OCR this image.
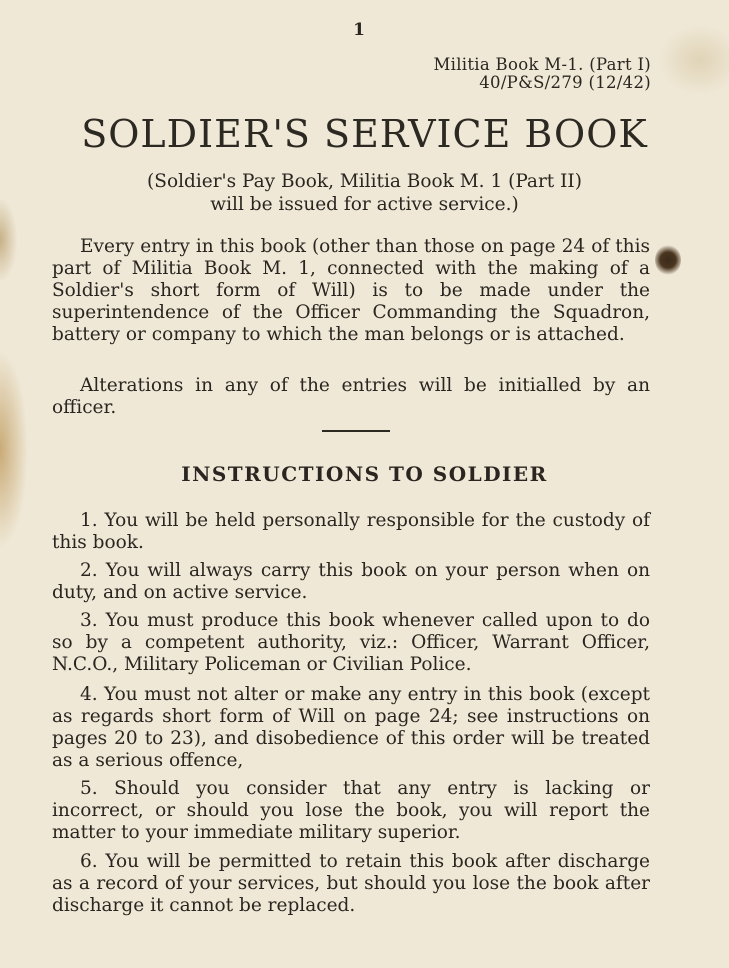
1
Militia Book M-1. (Part I)
40/P&S/279 (12/42)
SOLDIER'S SERVICE BOOK
(Soldier's Pay Book, Militia Book M. 1 (Part II)
will be issued for active service.)

Every entry in this book (other than those on page 24 of this part of Militia Book M. 1, connected with the making of a Soldier's short form of Will) is to be made under the superintendence of the Officer Commanding the Squadron, battery or company to which the man belongs or is attached.

Alterations in any of the entries will be initialled by an officer.

INSTRUCTIONS TO SOLDIER

1. You will be held personally responsible for the custody of this book.

2. You will always carry this book on your person when on duty, and on active service.

3. You must produce this book whenever called upon to do so by a competent authority, viz.: Officer, Warrant Officer, N.C.O., Military Policeman or Civilian Police.

4. You must not alter or make any entry in this book (except as regards short form of Will on page 24; see instructions on pages 20 to 23), and disobedience of this order will be treated as a serious offence,

5. Should you consider that any entry is lacking or incorrect, or should you lose the book, you will report the matter to your immediate military superior.

6. You will be permitted to retain this book after discharge as a record of your services, but should you lose the book after discharge it cannot be replaced.
